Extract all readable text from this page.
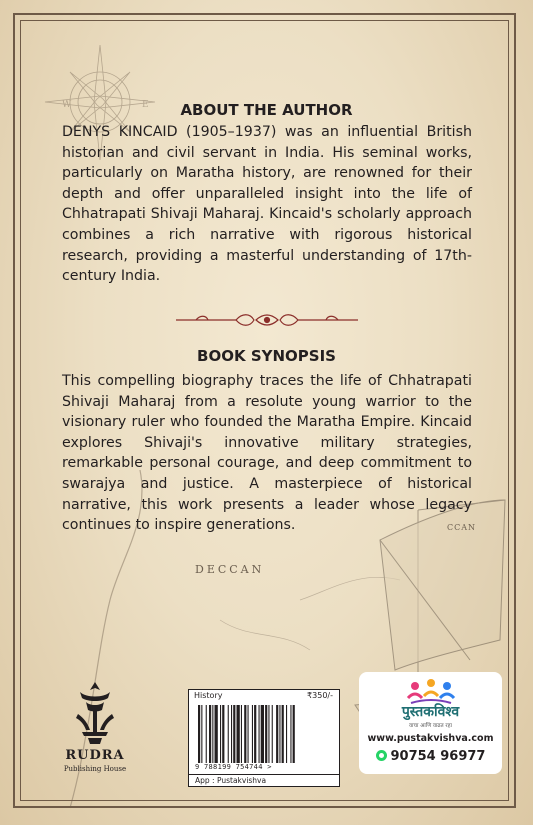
W	E	ABOUT THE AUTHOR

DENYS KINCAID (1905–1937) was an influential British historian and civil servant in India. His seminal works, particularly on Maratha history, are renowned for their depth and offer unparalleled insight into the life of Chhatrapati Shivaji Maharaj. Kincaid's scholarly approach combines a rich narrative with rigorous historical research, providing a masterful understanding of 17th-century India.

BOOK SYNOPSIS

This compelling biography traces the life of Chhatrapati Shivaji Maharaj from a resolute young warrior to the visionary ruler who founded the Maratha Empire. Kincaid explores Shivaji's innovative military strategies, remarkable personal courage, and deep commitment to swarajya and justice. A masterpiece of historical narrative, this work presents a leader whose legacy continues to inspire generations.

DECCAN
CCAN
RUDRA
Publishing House
History	₹350/-
9 788199 754744 >
App : Pustakvishva
पुस्तकविश्व
वाचा आणि वाढत रहा
www.pustakvishva.com
90754 96977
